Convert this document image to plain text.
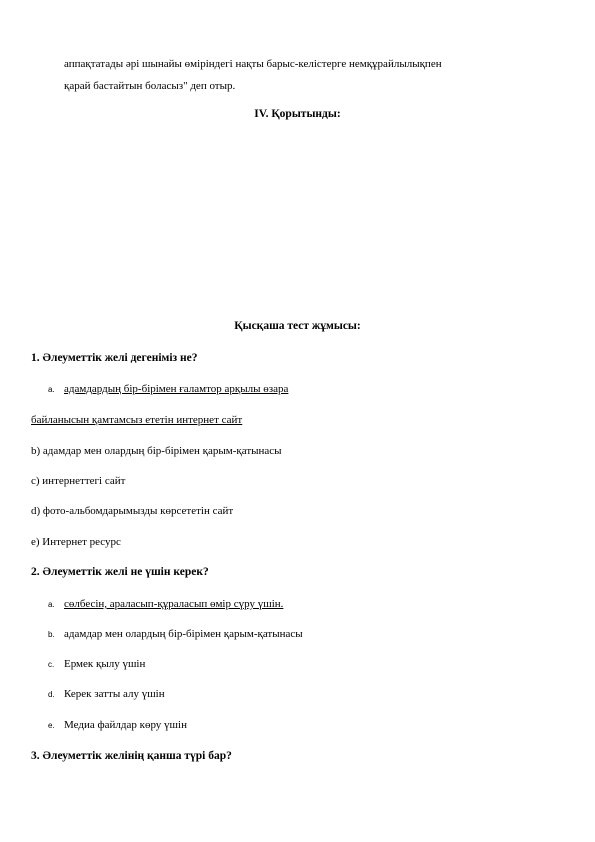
аппақтатады әрі шынайы өміріндегі нақты барыс-келістерге немқұрайлылықпен
қарай бастайтын боласыз" деп отыр.
IV. Қорытынды:
Қысқаша тест жұмысы:
1. Әлеуметтік желі дегеніміз не?
a. адамдардың бір-бірімен ғаламтор арқылы өзара
байланысын қамтамсыз ететін интернет сайт
b) адамдар мен олардың бір-бірімен қарым-қатынасы
c) интернеттегі сайт
d) фото-альбомдарымызды көрсететін сайт
e) Интернет ресурс
2. Әлеуметтік желі не үшін керек?
a. сөлбесін, араласып-құраласып өмір сүру үшін.
b. адамдар мен олардың бір-бірімен қарым-қатынасы
c. Ермек қылу үшін
d. Керек затты алу үшін
e. Медиа файлдар көру үшін
3. Әлеуметтік желінің қанша түрі бар?
